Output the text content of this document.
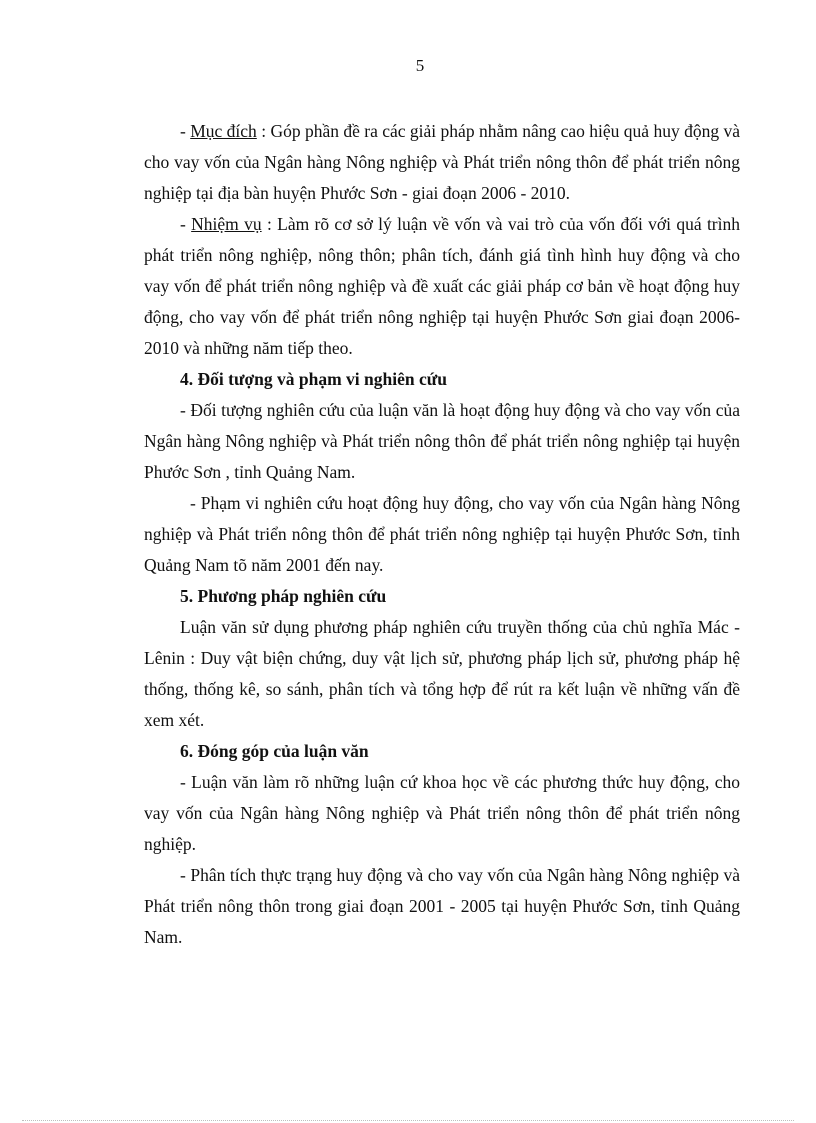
5

- Mục đích : Góp phần đề ra các giải pháp nhằm nâng cao hiệu quả huy động và cho vay vốn của Ngân hàng Nông nghiệp và Phát triển nông thôn để phát triển nông nghiệp tại địa bàn huyện Phước Sơn - giai đoạn 2006 - 2010.

- Nhiệm vụ : Làm rõ cơ sở lý luận về vốn và vai trò của vốn đối với quá trình phát triển nông nghiệp, nông thôn; phân tích, đánh giá tình hình huy động và cho vay vốn để phát triển nông nghiệp và đề xuất các giải pháp cơ bản về hoạt động huy động, cho vay vốn để phát triển nông nghiệp tại huyện Phước Sơn giai đoạn 2006- 2010 và những năm tiếp theo.

4. Đối tượng và phạm vi nghiên cứu

- Đối tượng nghiên cứu của luận văn là hoạt động huy động và cho vay vốn của Ngân hàng Nông nghiệp và Phát triển nông thôn để phát triển nông nghiệp tại huyện Phước Sơn , tỉnh Quảng Nam.

- Phạm vi nghiên cứu hoạt động huy động, cho vay vốn của Ngân hàng Nông nghiệp và Phát triển nông thôn để phát triển nông nghiệp tại huyện Phước Sơn, tỉnh Quảng Nam tõ năm 2001 đến nay.

5. Phương pháp nghiên cứu

Luận văn sử dụng phương pháp nghiên cứu truyền thống của chủ nghĩa Mác - Lênin : Duy vật biện chứng, duy vật lịch sử, phương pháp lịch sử, phương pháp hệ thống, thống kê, so sánh, phân tích và tổng hợp để rút ra kết luận về những vấn đề xem xét.

6. Đóng góp của luận văn

- Luận văn làm rõ những luận cứ khoa học về các phương thức huy động, cho vay vốn của Ngân hàng Nông nghiệp và Phát triển nông thôn để phát triển nông nghiệp.

- Phân tích thực trạng huy động và cho vay vốn của Ngân hàng Nông nghiệp và Phát triển nông thôn trong giai đoạn 2001 - 2005 tại huyện Phước Sơn, tỉnh Quảng Nam.
